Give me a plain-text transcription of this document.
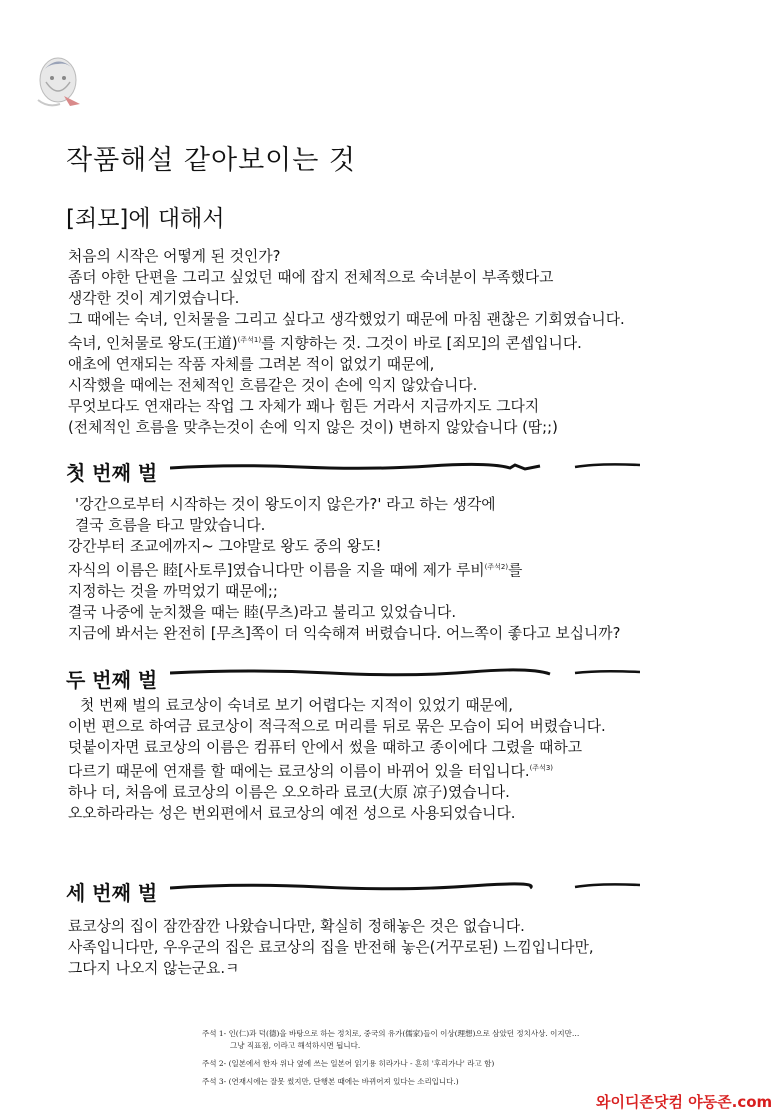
작품해설 같아보이는 것
[죄모]에 대해서

처음의 시작은 어떻게 된 것인가?

좀더 야한 단편을 그리고 싶었던 때에 잡지 전체적으로 숙녀분이 부족했다고

생각한 것이 계기였습니다.

그 때에는 숙녀, 인처물을 그리고 싶다고 생각했었기 때문에 마침 괜찮은 기회였습니다.

숙녀, 인처물로 왕도(王道)$^{(주석1)}$를 지향하는 것. 그것이 바로 [죄모]의 콘셉입니다.

애초에 연재되는 작품 자체를 그려본 적이 없었기 때문에,

시작했을 때에는 전체적인 흐름같은 것이 손에 익지 않았습니다.

무엇보다도 연재라는 작업 그 자체가 꽤나 힘든 거라서 지금까지도 그다지

(전체적인 흐름을 맞추는것이 손에 익지 않은 것이) 변하지 않았습니다 (땀;;)

첫 번째 벌

'강간으로부터 시작하는 것이 왕도이지 않은가?' 라고 하는 생각에

결국 흐름을 타고 말았습니다.

강간부터 조교에까지~ 그야말로 왕도 중의 왕도!

자식의 이름은 睦[사토루]였습니다만 이름을 지을 때에 제가 루비$^{(주석2)}$를

지정하는 것을 까먹었기 때문에;;

결국 나중에 눈치챘을 때는 睦(무츠)라고 불리고 있었습니다.

지금에 봐서는 완전히 [무츠]쪽이 더 익숙해져 버렸습니다. 어느쪽이 좋다고 보십니까?

두 번째 벌

첫 번째 벌의 료코상이 숙녀로 보기 어렵다는 지적이 있었기 때문에,

이번 편으로 하여금 료코상이 적극적으로 머리를 뒤로 묶은 모습이 되어 버렸습니다.

덧붙이자면 료코상의 이름은 컴퓨터 안에서 썼을 때하고 종이에다 그렸을 때하고

다르기 때문에 연재를 할 때에는 료코상의 이름이 바뀌어 있을 터입니다.$^{(주석3)}$

하나 더, 처음에 료코상의 이름은 오오하라 료코(大原 凉子)였습니다.

오오하라라는 성은 번외편에서 료코상의 예전 성으로 사용되었습니다.

세 번째 벌

료코상의 집이 잠깐잠깐 나왔습니다만, 확실히 정해놓은 것은 없습니다.

사족입니다만, 우우군의 집은 료코상의 집을 반전해 놓은(거꾸로된) 느낌입니다만,

그다지 나오지 않는군요.ㅋ

주석 1- 인(仁)과 덕(德)을 바탕으로 하는 정치로, 중국의 유가(儒家)들이 이상(理想)으로 삼았던 정치사상. 이지만…

그냥 직표점, 이라고 해석하시면 됩니다.

주석 2- (일본에서 한자 위나 옆에 쓰는 일본어 읽기용 히라가나 - 흔히 '후리가나' 라고 함)

주석 3- (연재시에는 잘못 썼지만, 단행본 때에는 바뀌어져 있다는 소리입니다.)

와이디존닷컴 야동존.com
